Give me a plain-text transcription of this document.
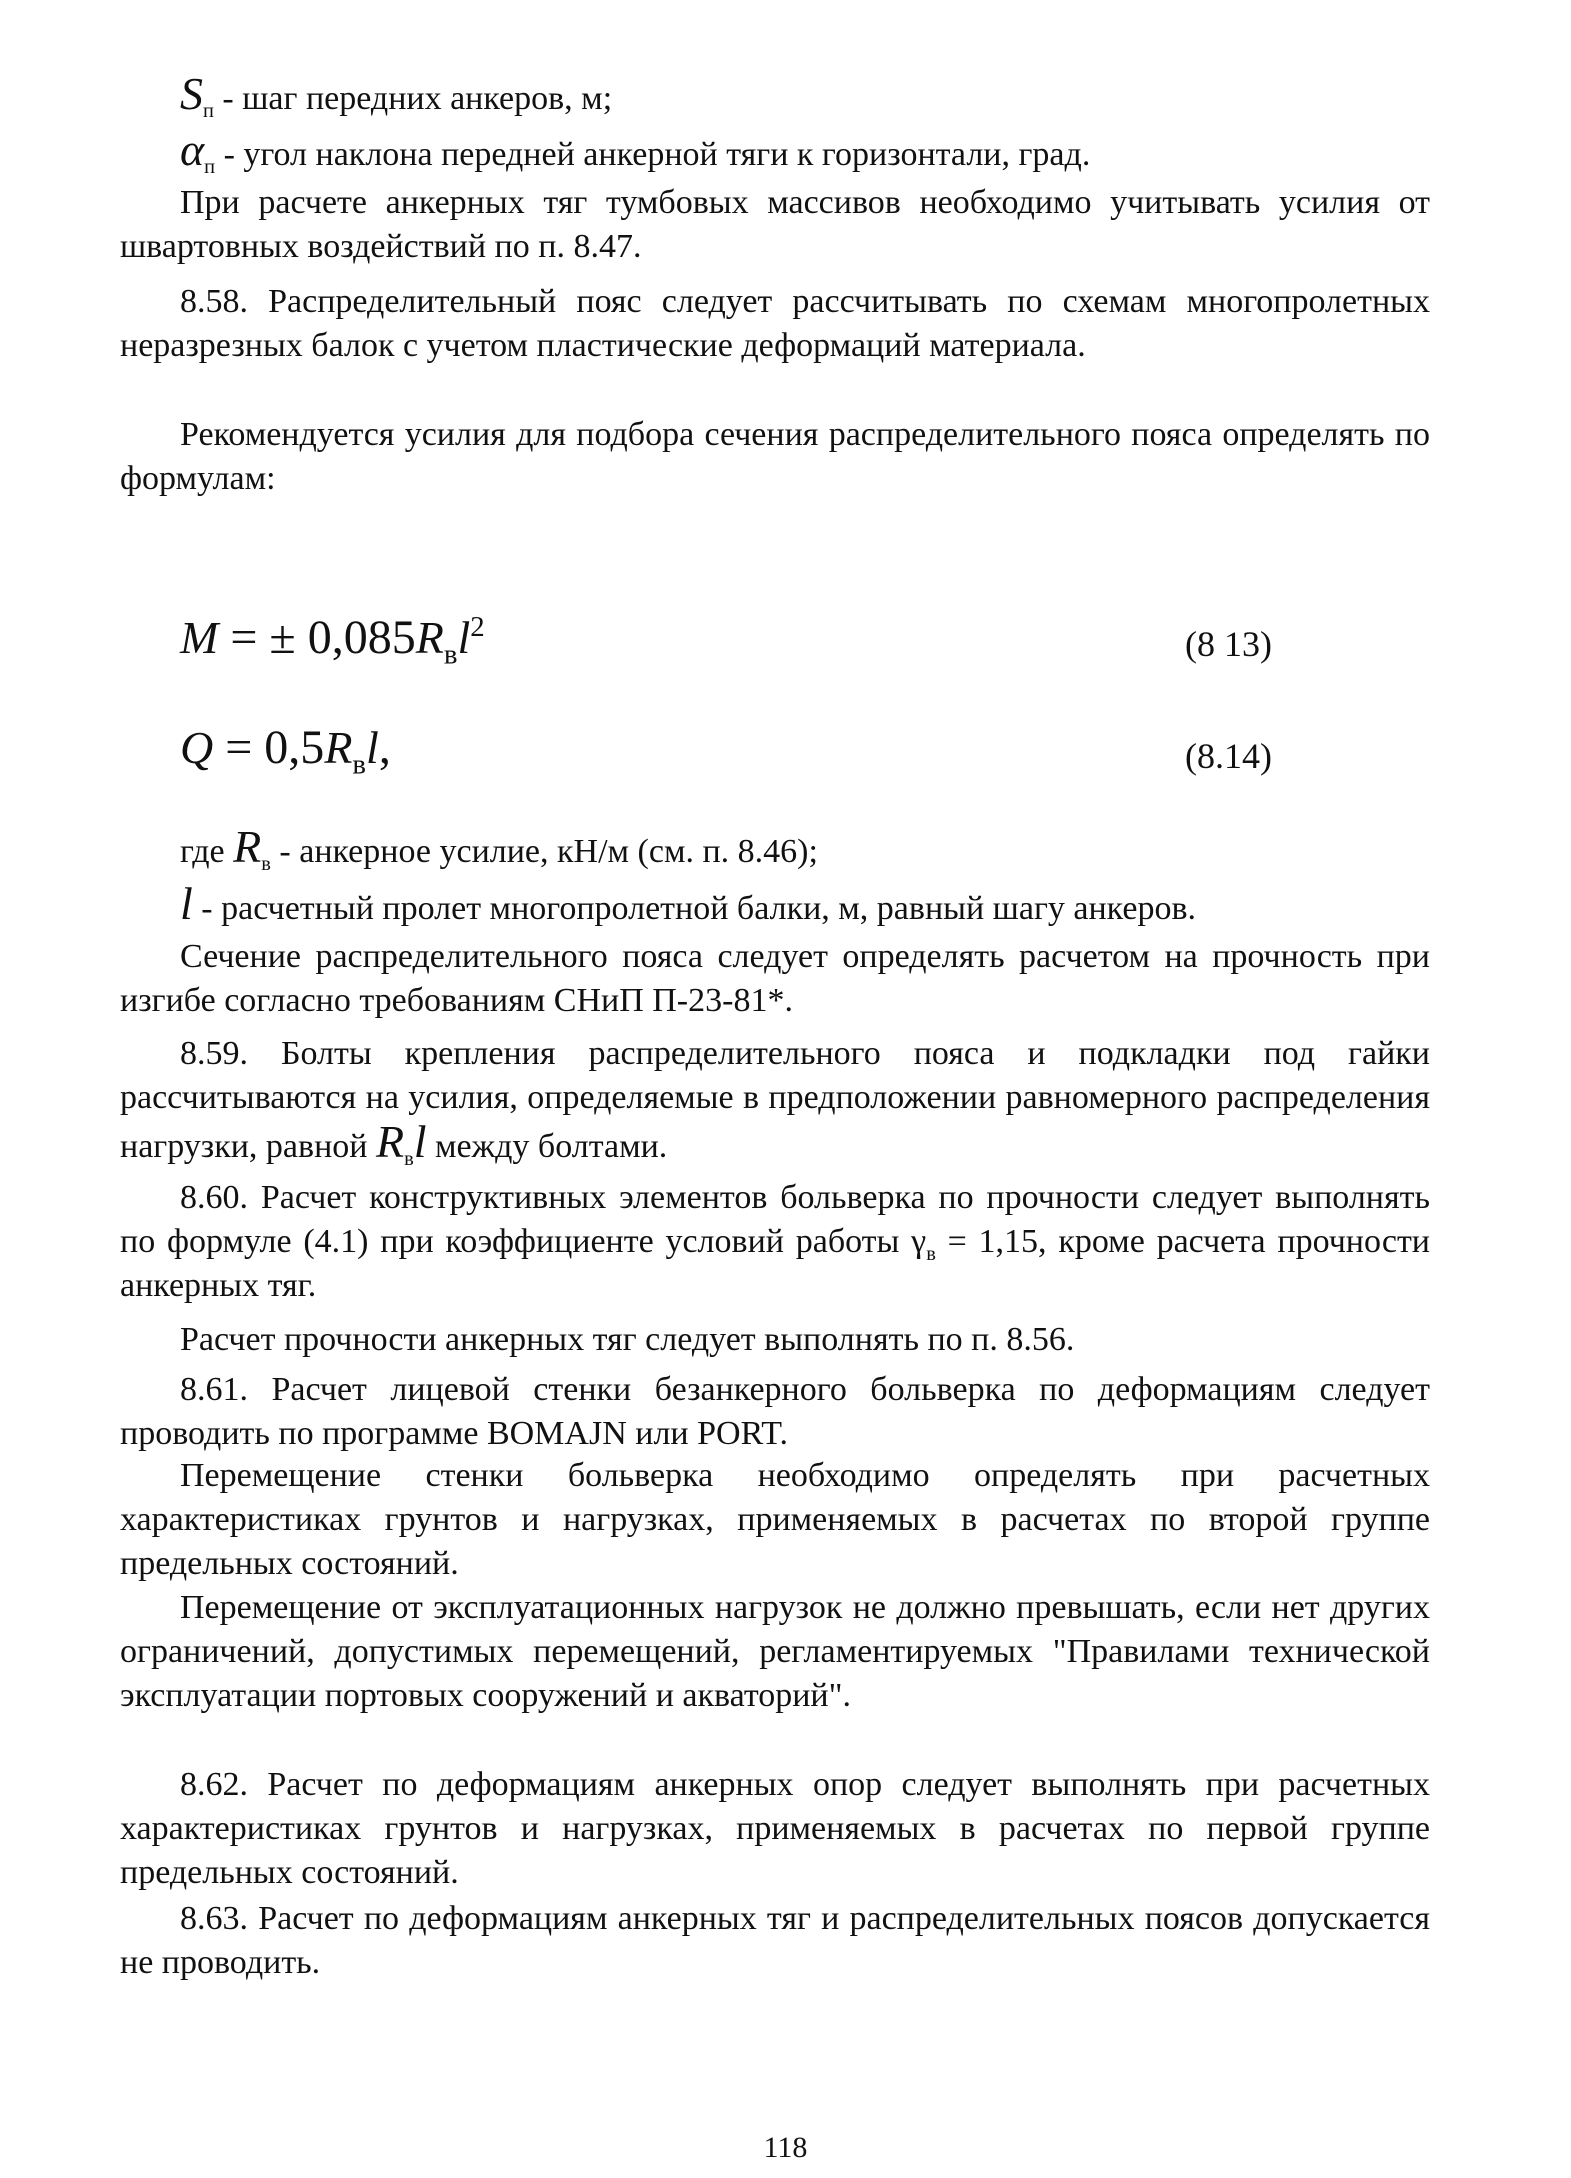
$S_п$ - шаг передних анкеров, м;

$\alpha_п$ - угол наклона передней анкерной тяги к горизонтали, град.

При расчете анкерных тяг тумбовых массивов необходимо учитывать усилия от швартовных воздействий по п. 8.47.

8.58. Распределительный пояс следует рассчитывать по схемам многопролетных неразрезных балок с учетом пластические деформаций материала.

Рекомендуется усилия для подбора сечения распределительного пояса определять по формулам:

M = ± $0,085R_вl^2$	(8 13)
$Q = 0,5R_вl$,	(8.14)

где $R_в$ - анкерное усилие, кН/м (см. п. 8.46);

l - расчетный пролет многопролетной балки, м, равный шагу анкеров.

Сечение распределительного пояса следует определять расчетом на прочность при изгибе согласно требованиям СНиП П-23-81*.

8.59. Болты крепления распределительного пояса и подкладки под гайки рассчитываются на усилия, определяемые в предположении равномерного распределения нагрузки, равной $R_вl$ между болтами.

8.60. Расчет конструктивных элементов больверка по прочности следует выполнять по формуле (4.1) при коэффициенте условий работы $\gamma_в = 1,15$, кроме расчета прочности анкерных тяг.

Расчет прочности анкерных тяг следует выполнять по п. 8.56.

8.61. Расчет лицевой стенки безанкерного больверка по деформациям следует проводить по программе BOMAJN или PORT.

Перемещение стенки больверка необходимо определять при расчетных характеристиках грунтов и нагрузках, применяемых в расчетах по второй группе предельных состояний.

Перемещение от эксплуатационных нагрузок не должно превышать, если нет других ограничений, допустимых перемещений, регламентируемых "Правилами технической эксплуатации портовых сооружений и акваторий".

8.62. Расчет по деформациям анкерных опор следует выполнять при расчетных характеристиках грунтов и нагрузках, применяемых в расчетах по первой группе предельных состояний.

8.63. Расчет по деформациям анкерных тяг и распределительных поясов допускается не проводить.

118
